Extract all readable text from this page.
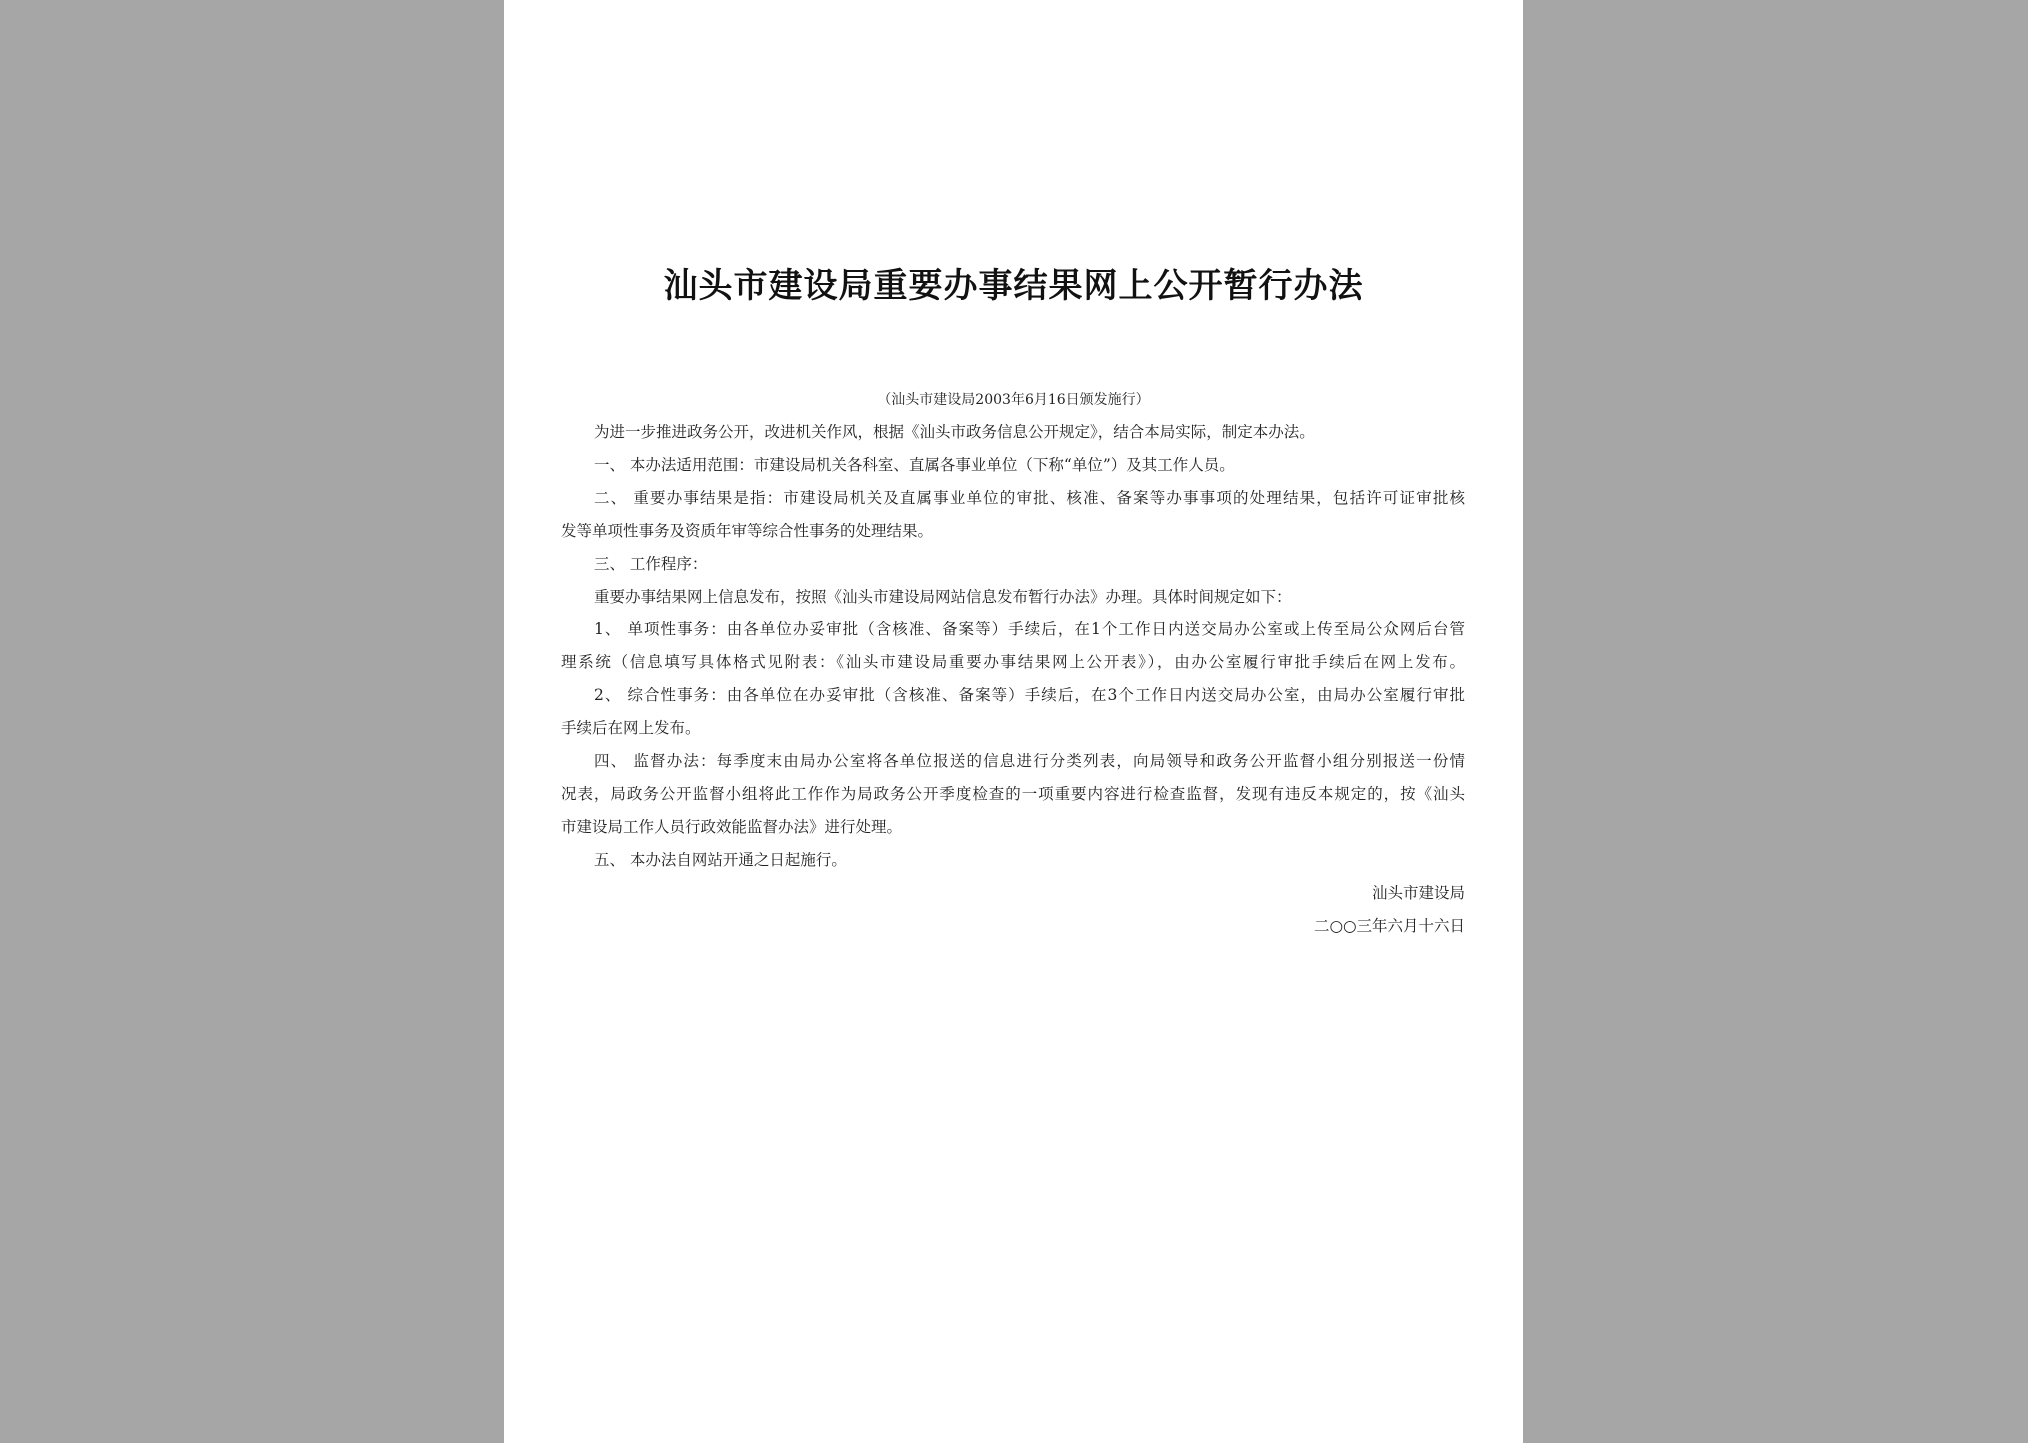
汕头市建设局重要办事结果网上公开暂行办法
（汕头市建设局2003年6月16日颁发施行）
为进一步推进政务公开，改进机关作风，根据《汕头市政务信息公开规定》，结合本局实际，制定本办法。
一、 本办法适用范围：市建设局机关各科室、直属各事业单位（下称“单位”）及其工作人员。
二、 重要办事结果是指：市建设局机关及直属事业单位的审批、核准、备案等办事事项的处理结果，包括许可证审批核
发等单项性事务及资质年审等综合性事务的处理结果。
三、 工作程序：
重要办事结果网上信息发布，按照《汕头市建设局网站信息发布暂行办法》办理。具体时间规定如下：
1、 单项性事务：由各单位办妥审批（含核准、备案等）手续后，在1个工作日内送交局办公室或上传至局公众网后台管
理系统（信息填写具体格式见附表：《汕头市建设局重要办事结果网上公开表》），由办公室履行审批手续后在网上发布。
2、 综合性事务：由各单位在办妥审批（含核准、备案等）手续后，在3个工作日内送交局办公室，由局办公室履行审批
手续后在网上发布。
四、 监督办法：每季度末由局办公室将各单位报送的信息进行分类列表，向局领导和政务公开监督小组分别报送一份情
况表，局政务公开监督小组将此工作作为局政务公开季度检查的一项重要内容进行检查监督，发现有违反本规定的，按《汕头
市建设局工作人员行政效能监督办法》进行处理。
五、 本办法自网站开通之日起施行。
汕头市建设局
二○○三年六月十六日
